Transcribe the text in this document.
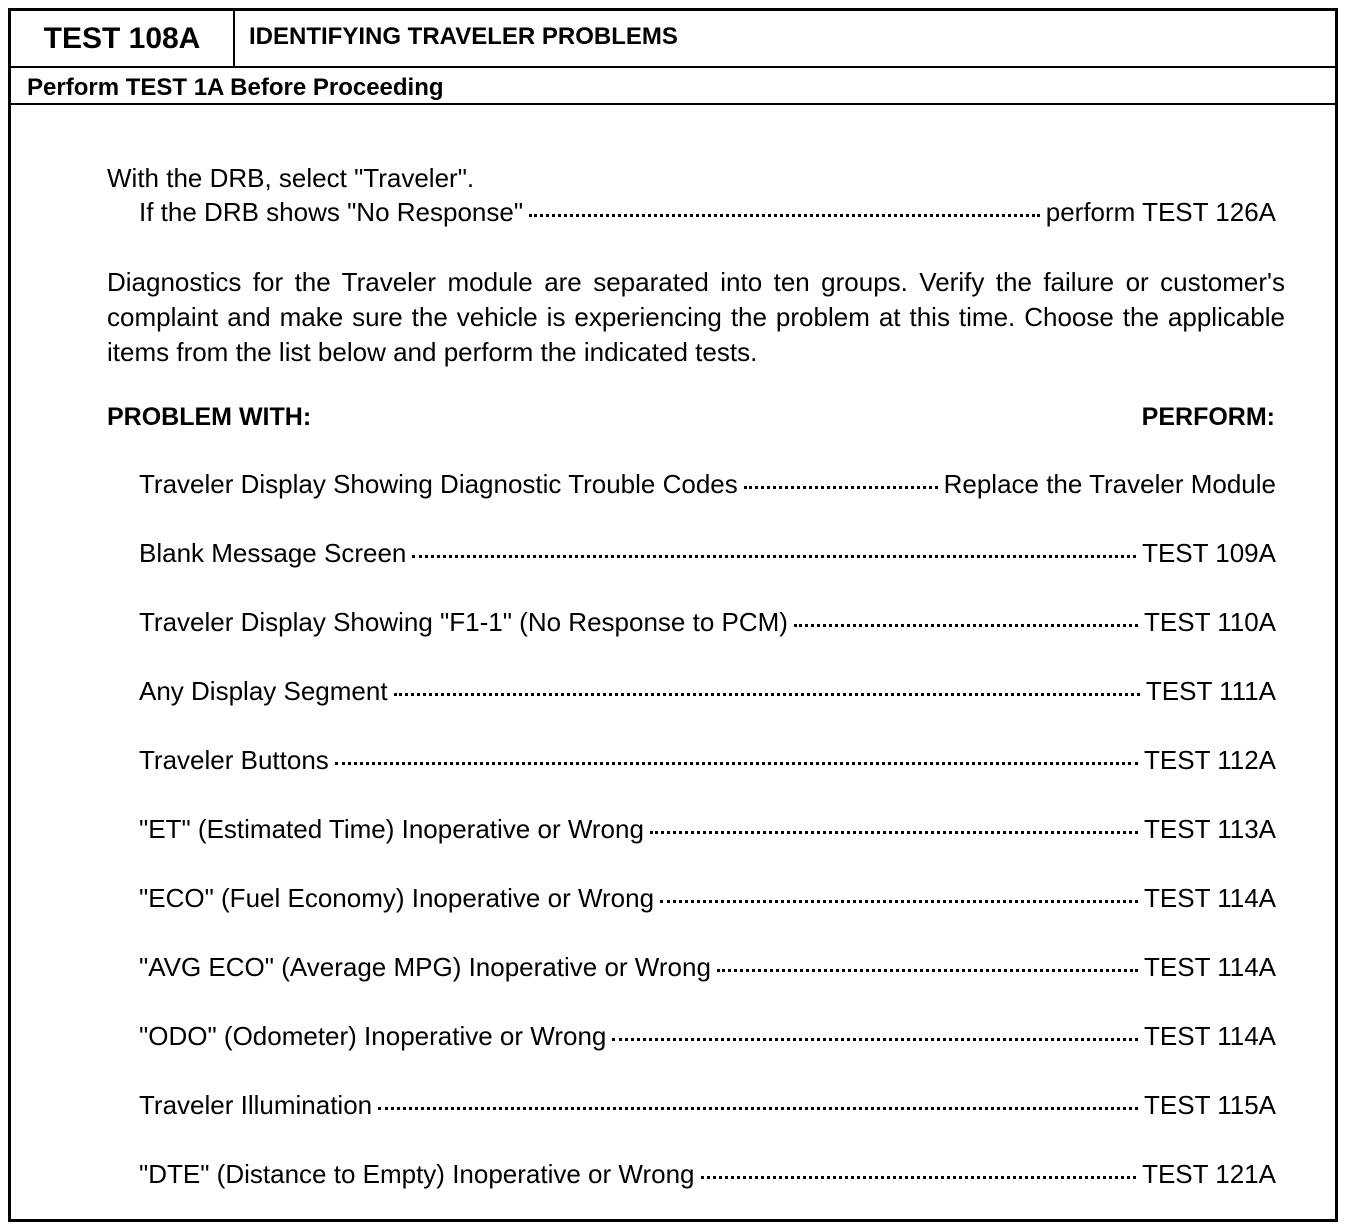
TEST 108A	IDENTIFYING TRAVELER PROBLEMS
Perform TEST 1A Before Proceeding
With the DRB, select "Traveler".
If the DRB shows "No Response"	perform TEST 126A
Diagnostics for the Traveler module are separated into ten groups. Verify the failure or customer's complaint and make sure the vehicle is experiencing the problem at this time. Choose the applicable items from the list below and perform the indicated tests.
PROBLEM WITH:	PERFORM:
Traveler Display Showing Diagnostic Trouble Codes	Replace the Traveler Module
Blank Message Screen	TEST 109A
Traveler Display Showing "F1-1" (No Response to PCM)	TEST 110A
Any Display Segment	TEST 111A
Traveler Buttons	TEST 112A
"ET" (Estimated Time) Inoperative or Wrong	TEST 113A
"ECO" (Fuel Economy) Inoperative or Wrong	TEST 114A
"AVG ECO" (Average MPG) Inoperative or Wrong	TEST 114A
"ODO" (Odometer) Inoperative or Wrong	TEST 114A
Traveler Illumination	TEST 115A
"DTE" (Distance to Empty) Inoperative or Wrong	TEST 121A
